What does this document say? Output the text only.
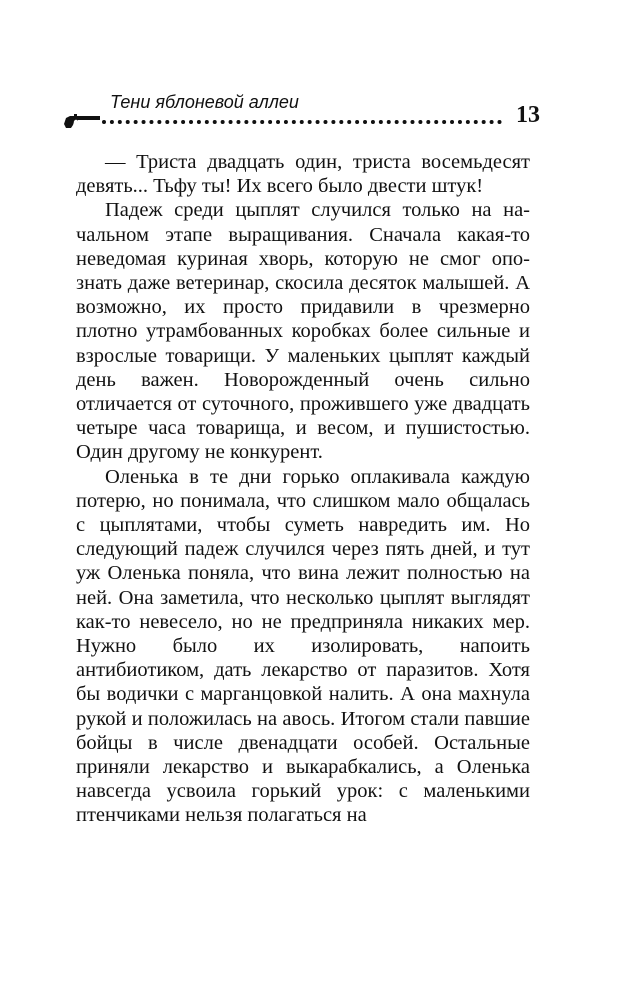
Тени яблоневой аллеи	13

— Триста двадцать один, триста восемьдесят девять... Тьфу ты! Их всего было двести штук!

Падеж среди цыплят случился только на начальном этапе выращивания. Сначала какая-то неведомая куриная хворь, которую не смог опознать даже ветеринар, скосила десяток малышей. А возможно, их просто придавили в чрезмерно плотно утрамбованных коробках более сильные и взрослые товарищи. У маленьких цыплят каждый день важен. Новорожденный очень сильно отличается от суточного, прожившего уже двадцать четыре часа товарища, и весом, и пушистостью. Один другому не конкурент.

Оленька в те дни горько оплакивала каждую потерю, но понимала, что слишком мало общалась с цыплятами, чтобы суметь навредить им. Но следующий падеж случился через пять дней, и тут уж Оленька поняла, что вина лежит полностью на ней. Она заметила, что несколько цыплят выглядят как-то невесело, но не предприняла никаких мер. Нужно было их изолировать, напоить антибиотиком, дать лекарство от паразитов. Хотя бы водички с марганцовкой налить. А она махнула рукой и положилась на авось. Итогом стали павшие бойцы в числе двенадцати особей. Остальные приняли лекарство и выкарабкались, а Оленька навсегда усвоила горький урок: с маленькими птенчиками нельзя полагаться на
